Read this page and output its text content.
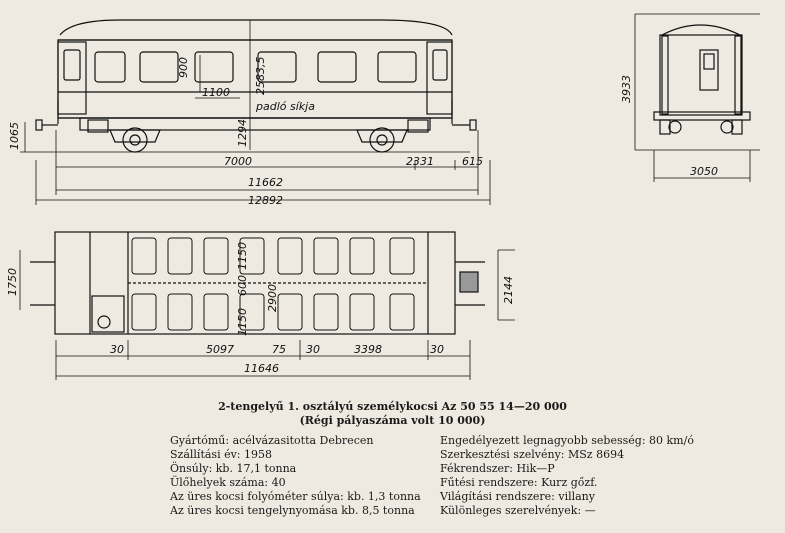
padló síkja
900	2583,5
1100
1294
1065
7000	2331	615
11662
12892
3933
3050
1750
1150
600
1150
2900	2144
30	5097	75 30	3398	30
11646
2-tengelyű 1. osztályú személykocsi Az 50 55 14—20 000
(Régi pályaszáma volt 10 000)
Gyártómű: acélvázasitotta Debrecen
Szállítási év: 1958
Önsúly: kb. 17,1 tonna
Ülőhelyek száma: 40
Az üres kocsi folyóméter súlya: kb. 1,3 tonna
Az üres kocsi tengelynyomása kb. 8,5 tonna
Engedélyezett legnagyobb sebesség: 80 km/ó
Szerkesztési szelvény: MSz 8694
Fékrendszer: Hik—P
Fűtési rendszere: Kurz gőzf.
Világítási rendszere: villany
Különleges szerelvények: —
